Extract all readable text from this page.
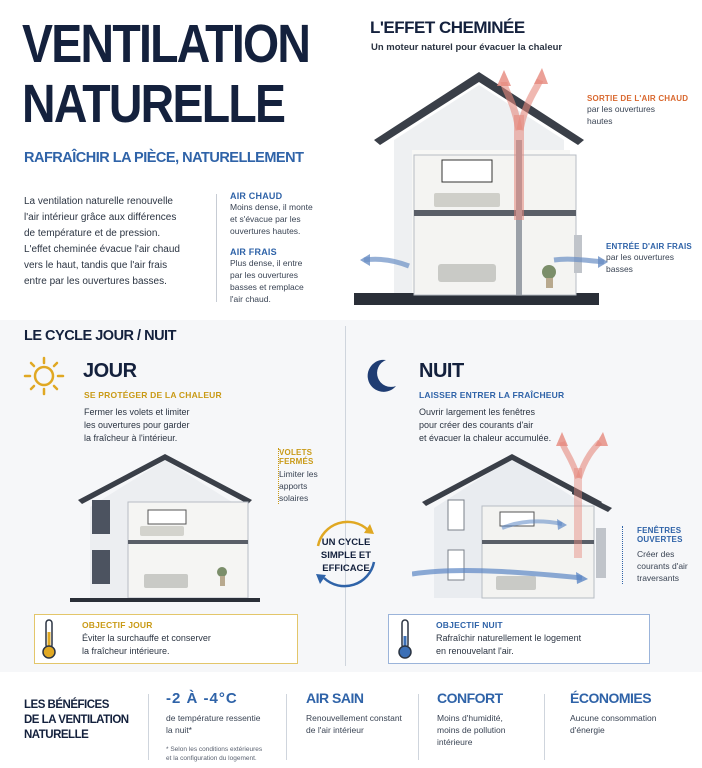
VENTILATION
NATURELLE
RAFRAÎCHIR LA PIÈCE, NATURELLEMENT
La ventilation naturelle renouvelle
l'air intérieur grâce aux différences
de température et de pression.
L'effet cheminée évacue l'air chaud
vers le haut, tandis que l'air frais
entre par les ouvertures basses.
AIR CHAUD
Moins dense, il monte
et s'évacue par les
ouvertures hautes.
AIR FRAIS
Plus dense, il entre
par les ouvertures
basses et remplace
l'air chaud.
L'EFFET CHEMINÉE
Un moteur naturel pour évacuer la chaleur
SORTIE DE L'AIR CHAUD
par les ouvertures
hautes
ENTRÉE D'AIR FRAIS
par les ouvertures
basses
LE CYCLE JOUR / NUIT
JOUR
SE PROTÉGER DE LA CHALEUR
Fermer les volets et limiter
les ouvertures pour garder
la fraîcheur à l'intérieur.
VOLETS
FERMÉS
Limiter les
apports
solaires
OBJECTIF JOUR
Éviter la surchauffe et conserver
la fraîcheur intérieure.
UN CYCLE
SIMPLE ET
EFFICACE
NUIT
LAISSER ENTRER LA FRAÎCHEUR
Ouvrir largement les fenêtres
pour créer des courants d'air
et évacuer la chaleur accumulée.
FENÊTRES
OUVERTES
Créer des
courants d'air
traversants
OBJECTIF NUIT
Rafraîchir naturellement le logement
en renouvelant l'air.
LES BÉNÉFICES
DE LA VENTILATION
NATURELLE
-2 À -4°C
de température ressentie
la nuit*
* Selon les conditions extérieures
et la configuration du logement.
AIR SAIN
Renouvellement constant
de l'air intérieur
CONFORT
Moins d'humidité,
moins de pollution
intérieure
ÉCONOMIES
Aucune consommation
d'énergie
